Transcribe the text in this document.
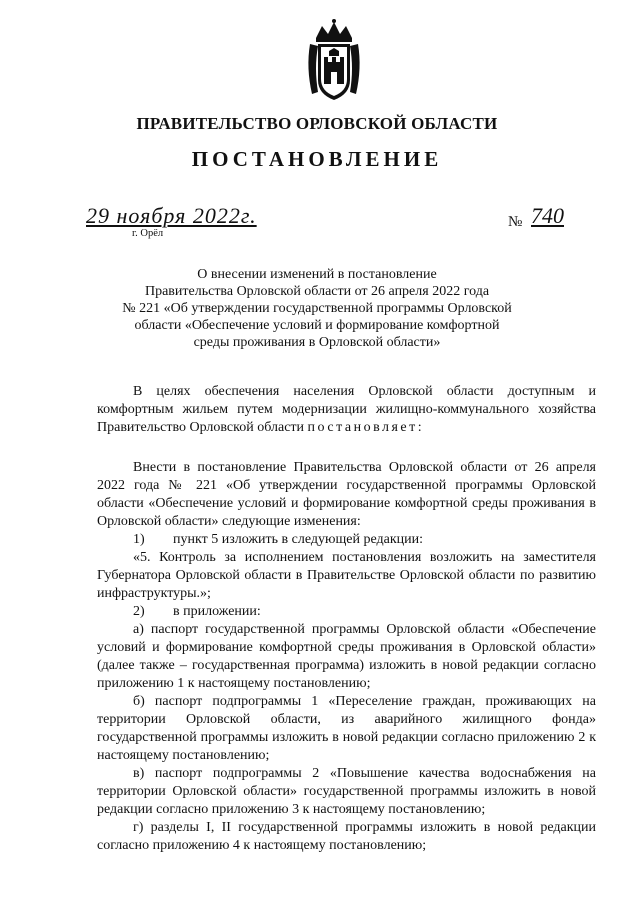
ПРАВИТЕЛЬСТВО ОРЛОВСКОЙ ОБЛАСТИ
ПОСТАНОВЛЕНИЕ
29 ноября 2022г.
г. Орёл
№ 740
О внесении изменений в постановление
Правительства Орловской области от 26 апреля 2022 года
№ 221 «Об утверждении государственной программы Орловской
области «Обеспечение условий и формирование комфортной
среды проживания в Орловской области»

В целях обеспечения населения Орловской области доступным и комфортным жильем путем модернизации жилищно-коммунального хозяйства Правительство Орловской области постановляет:

Внести в постановление Правительства Орловской области от 26 апреля 2022 года № 221 «Об утверждении государственной программы Орловской области «Обеспечение условий и формирование комфортной среды проживания в Орловской области» следующие изменения:

1) пункт 5 изложить в следующей редакции:

«5. Контроль за исполнением постановления возложить на заместителя Губернатора Орловской области в Правительстве Орловской области по развитию инфраструктуры.»;

2) в приложении:

а) паспорт государственной программы Орловской области «Обеспечение условий и формирование комфортной среды проживания в Орловской области» (далее также – государственная программа) изложить в новой редакции согласно приложению 1 к настоящему постановлению;

б) паспорт подпрограммы 1 «Переселение граждан, проживающих на территории Орловской области, из аварийного жилищного фонда» государственной программы изложить в новой редакции согласно приложению 2 к настоящему постановлению;

в) паспорт подпрограммы 2 «Повышение качества водоснабжения на территории Орловской области» государственной программы изложить в новой редакции согласно приложению 3 к настоящему постановлению;

г) разделы I, II государственной программы изложить в новой редакции согласно приложению 4 к настоящему постановлению;
